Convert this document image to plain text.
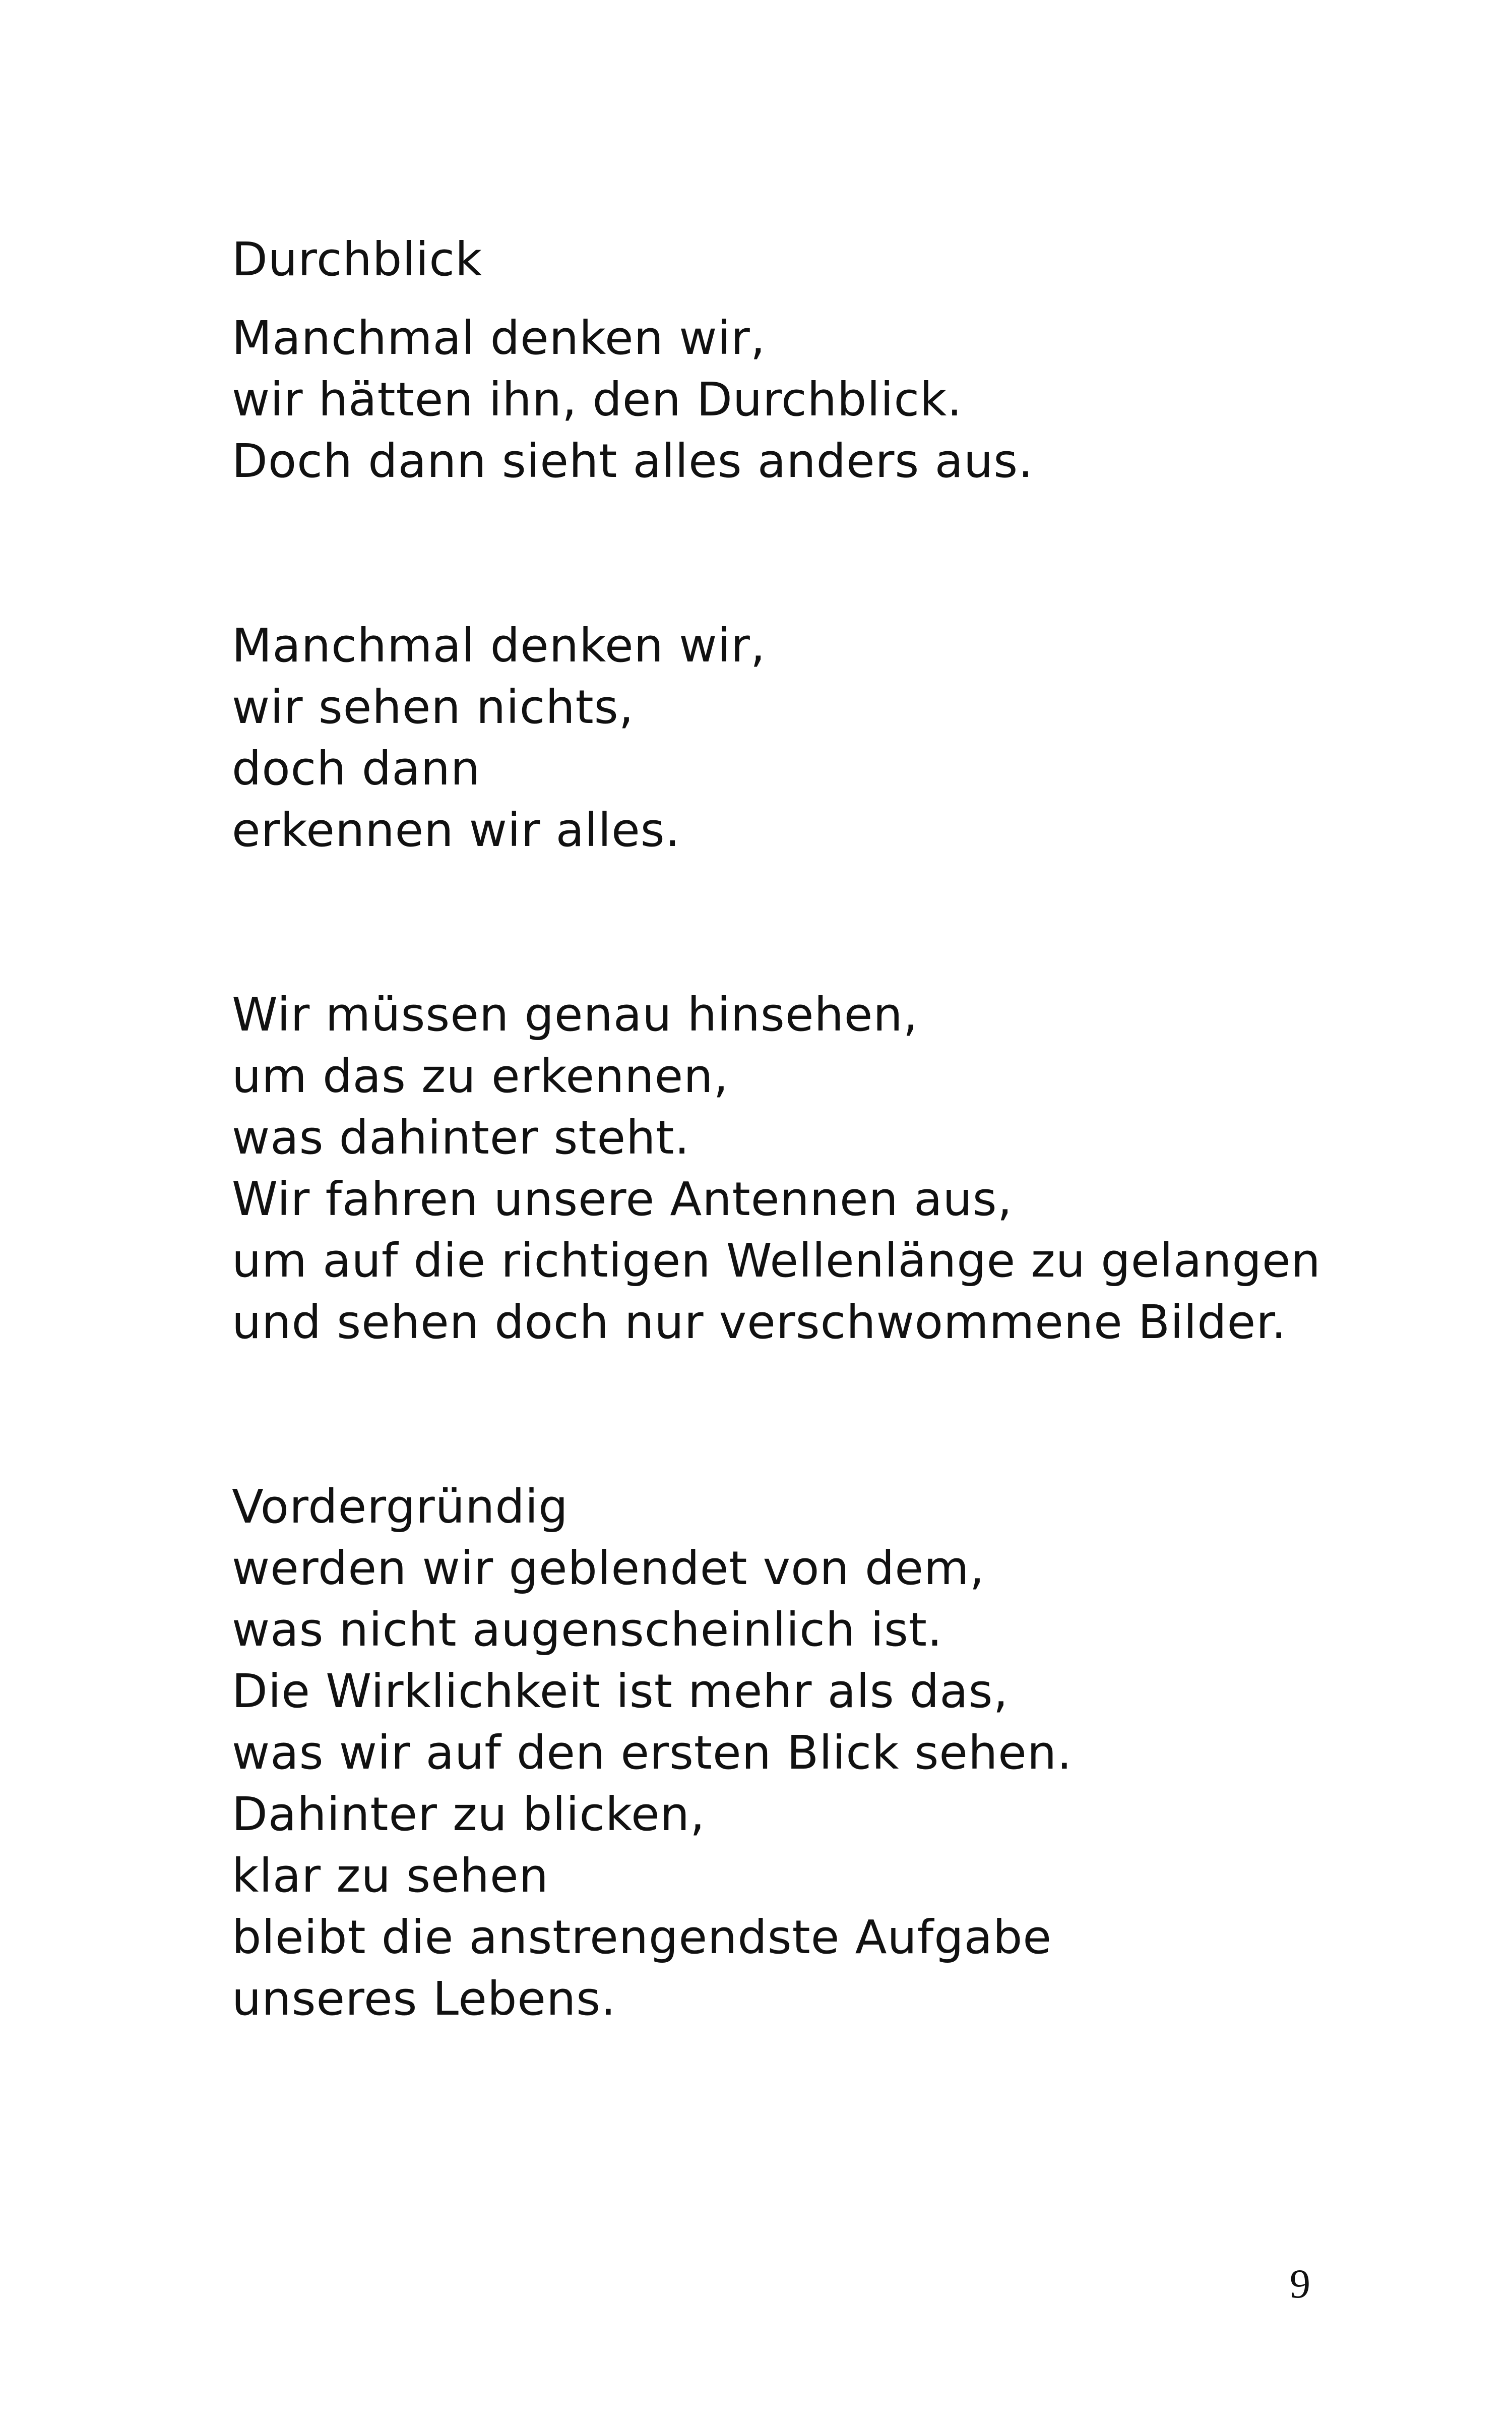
Durchblick
Manchmal denken wir,
wir hätten ihn, den Durchblick.
Doch dann sieht alles anders aus.
Manchmal denken wir,
wir sehen nichts,
doch dann
erkennen wir alles.
Wir müssen genau hinsehen,
um das zu erkennen,
was dahinter steht.
Wir fahren unsere Antennen aus,
um auf die richtigen Wellenlänge zu gelangen
und sehen doch nur verschwommene Bilder.
Vordergründig
werden wir geblendet von dem,
was nicht augenscheinlich ist.
Die Wirklichkeit ist mehr als das,
was wir auf den ersten Blick sehen.
Dahinter zu blicken,
klar zu sehen
bleibt die anstrengendste Aufgabe
unseres Lebens.
9
